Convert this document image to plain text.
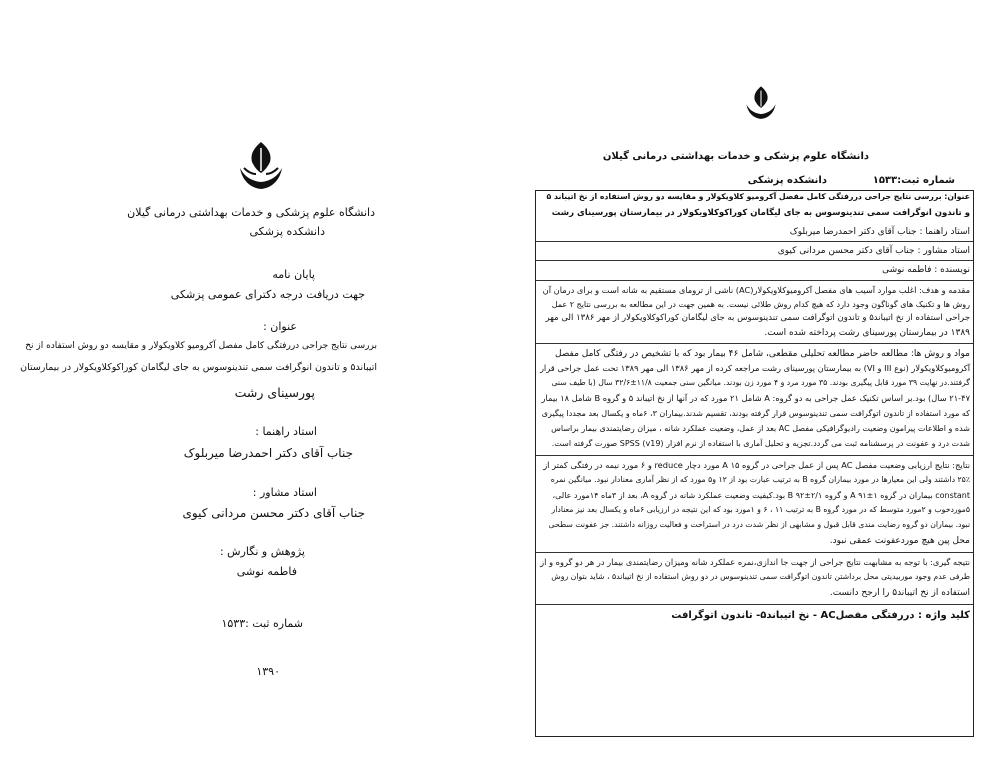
دانشگاه علوم پزشکی و خدمات بهداشتی درمانی گیلان
دانشکده پزشکی
پایان نامه
جهت دریافت درجه دکترای عمومی پزشکی
عنوان :
بررسی نتایج جراحی دررفتگی کامل مفصل آکرومیو کلاویکولار و مقایسه دو روش استفاده از نخ
اتیباند۵ و تاندون انوگرافت سمی تندینوسوس به جای لیگامان کوراکوکلاویکولار در بیمارستان
پورسینای رشت
استاد راهنما :
جناب آقای دکتر احمدرضا میربلوک
استاد مشاور :
جناب آقای دکتر محسن مردانی کیوی
پژوهش و نگارش :
فاطمه نوشی
شماره ثبت :۱۵۳۳
۱۳۹۰
دانشگاه علوم پزشکی و خدمات بهداشتی درمانی گیلان
شماره ثبت:۱۵۳۳
دانشکده پزشکی
عنوان: بررسی نتایج جراحی دررفتگی کامل مفصل آکرومیو کلاویکولار و مقایسه دو روش استفاده از نخ اتیباند ۵
و تاندون انوگرافت سمی تندینوسوس به جای لیگامان کوراکوکلاویکولار در بیمارستان پورسینای رشت
استاد راهنما : جناب آقای دکتر احمدرضا میربلوک
استاد مشاور : جناب آقای دکتر محسن مردانی کیوی
نویسنده : فاطمه نوشی
مقدمه و هدف: اغلب موارد آسیب های مفصل آکرومیوکلاویکولار(AC) ناشی از ترومای مستقیم به شانه است و برای درمان آن
روش ها و تکنیک های گوناگون وجود دارد که هیچ کدام روش طلائی نیست. به همین جهت در این مطالعه به بررسی نتایج ۲ عمل
جراحی استفاده از نخ اتیباند۵ و تاندون اتوگرافت سمی تندینوسوس به جای لیگامان کوراکوکلاویکولار از مهر ۱۳۸۶ الی مهر
۱۳۸۹ در بیمارستان پورسینای رشت پرداخته شده است.
مواد و روش ها: مطالعه حاضر مطالعه تحلیلی مقطعی، شامل ۴۶ بیمار بود که با تشخیص در رفتگی کامل مفصل
آکرومیوکلاویکولار (نوع III و VI) به بیمارستان پورسینای رشت مراجعه کرده از مهر ۱۳۸۶ الی مهر ۱۳۸۹ تحت عمل جراحی قرار
گرفتند.در نهایت ۳۹ مورد قابل پیگیری بودند. ۳۵ مورد مرد و ۴ مورد زن بودند. میانگین سنی جمعیت ۱۱/۸±۳۲/۶ سال (با طیف سنی
۲۱-۴۷ سال) بود.بر اساس تکنیک عمل جراحی به دو گروه: A شامل ۲۱ مورد که در آنها از نخ اتیباند ۵ و گروه B شامل ۱۸ بیمار
که مورد استفاده از تاندون اتوگرافت سمی تندینوسوس قرار گرفته بودند، تقسیم شدند.بیماران ۳، ۶ماه و یکسال بعد مجددا پیگیری
شده و اطلاعات پیرامون وضعیت رادیوگرافیکی مفصل AC بعد از عمل، وضعیت عملکرد شانه ، میزان رضایتمندی بیمار براساس
شدت درد و عفونت در پرسشنامه ثبت می گردد.تجزیه و تحلیل آماری با استفاده از نرم افزار SPSS (v19) صورت گرفته است.
نتایج: نتایج ارزیابی وضعیت مفصل AC پس از عمل جراحی در گروه A ۱۵ مورد دچار reduce و ۶ مورد نیمه در رفتگی کمتر از
۲۵٪ داشتند ولی این معیارها در مورد بیماران گروه B به ترتیب عبارت بود از ۱۲ و۵ مورد که از نظر آماری معنادار نبود. میانگین نمره
constant بیماران در گروه A ۹۱±۱ و گروه B ۹۲±۲/۱ بود.کیفیت وضعیت عملکرد شانه در گروه A، بعد از ۳ماه ۱۴مورد عالی،
۵موردخوب و ۲مورد متوسط که در مورد گروه B به ترتیب ۱۱ ، ۶ و ۱مورد بود که این نتیجه در ارزیابی ۶ماه و یکسال بعد نیز معنادار
نبود. بیماران دو گروه رضایت مندی قابل قبول و مشابهی از نظر شدت درد در استراحت و فعالیت روزانه داشتند. جز عفونت سطحی
محل پین هیچ موردعفونت عمقی نبود.
نتیجه گیری: با توجه به مشابهت نتایج جراحی از جهت جا اندازی،نمره عملکرد شانه ومیزان رضایتمندی بیمار در هر دو گروه و از
طرفی عدم وجود موربیدیتی محل برداشتن تاندون اتوگرافت سمی تندینوسوس در دو روش استفاده از نخ اتیباند۵ ، شاید بتوان روش
استفاده از نخ اتیباند۵ را ارجح دانست.
کلید واژه : دررفتگی مفصلAC - نخ اتیباند۵- تاندون اتوگرافت
